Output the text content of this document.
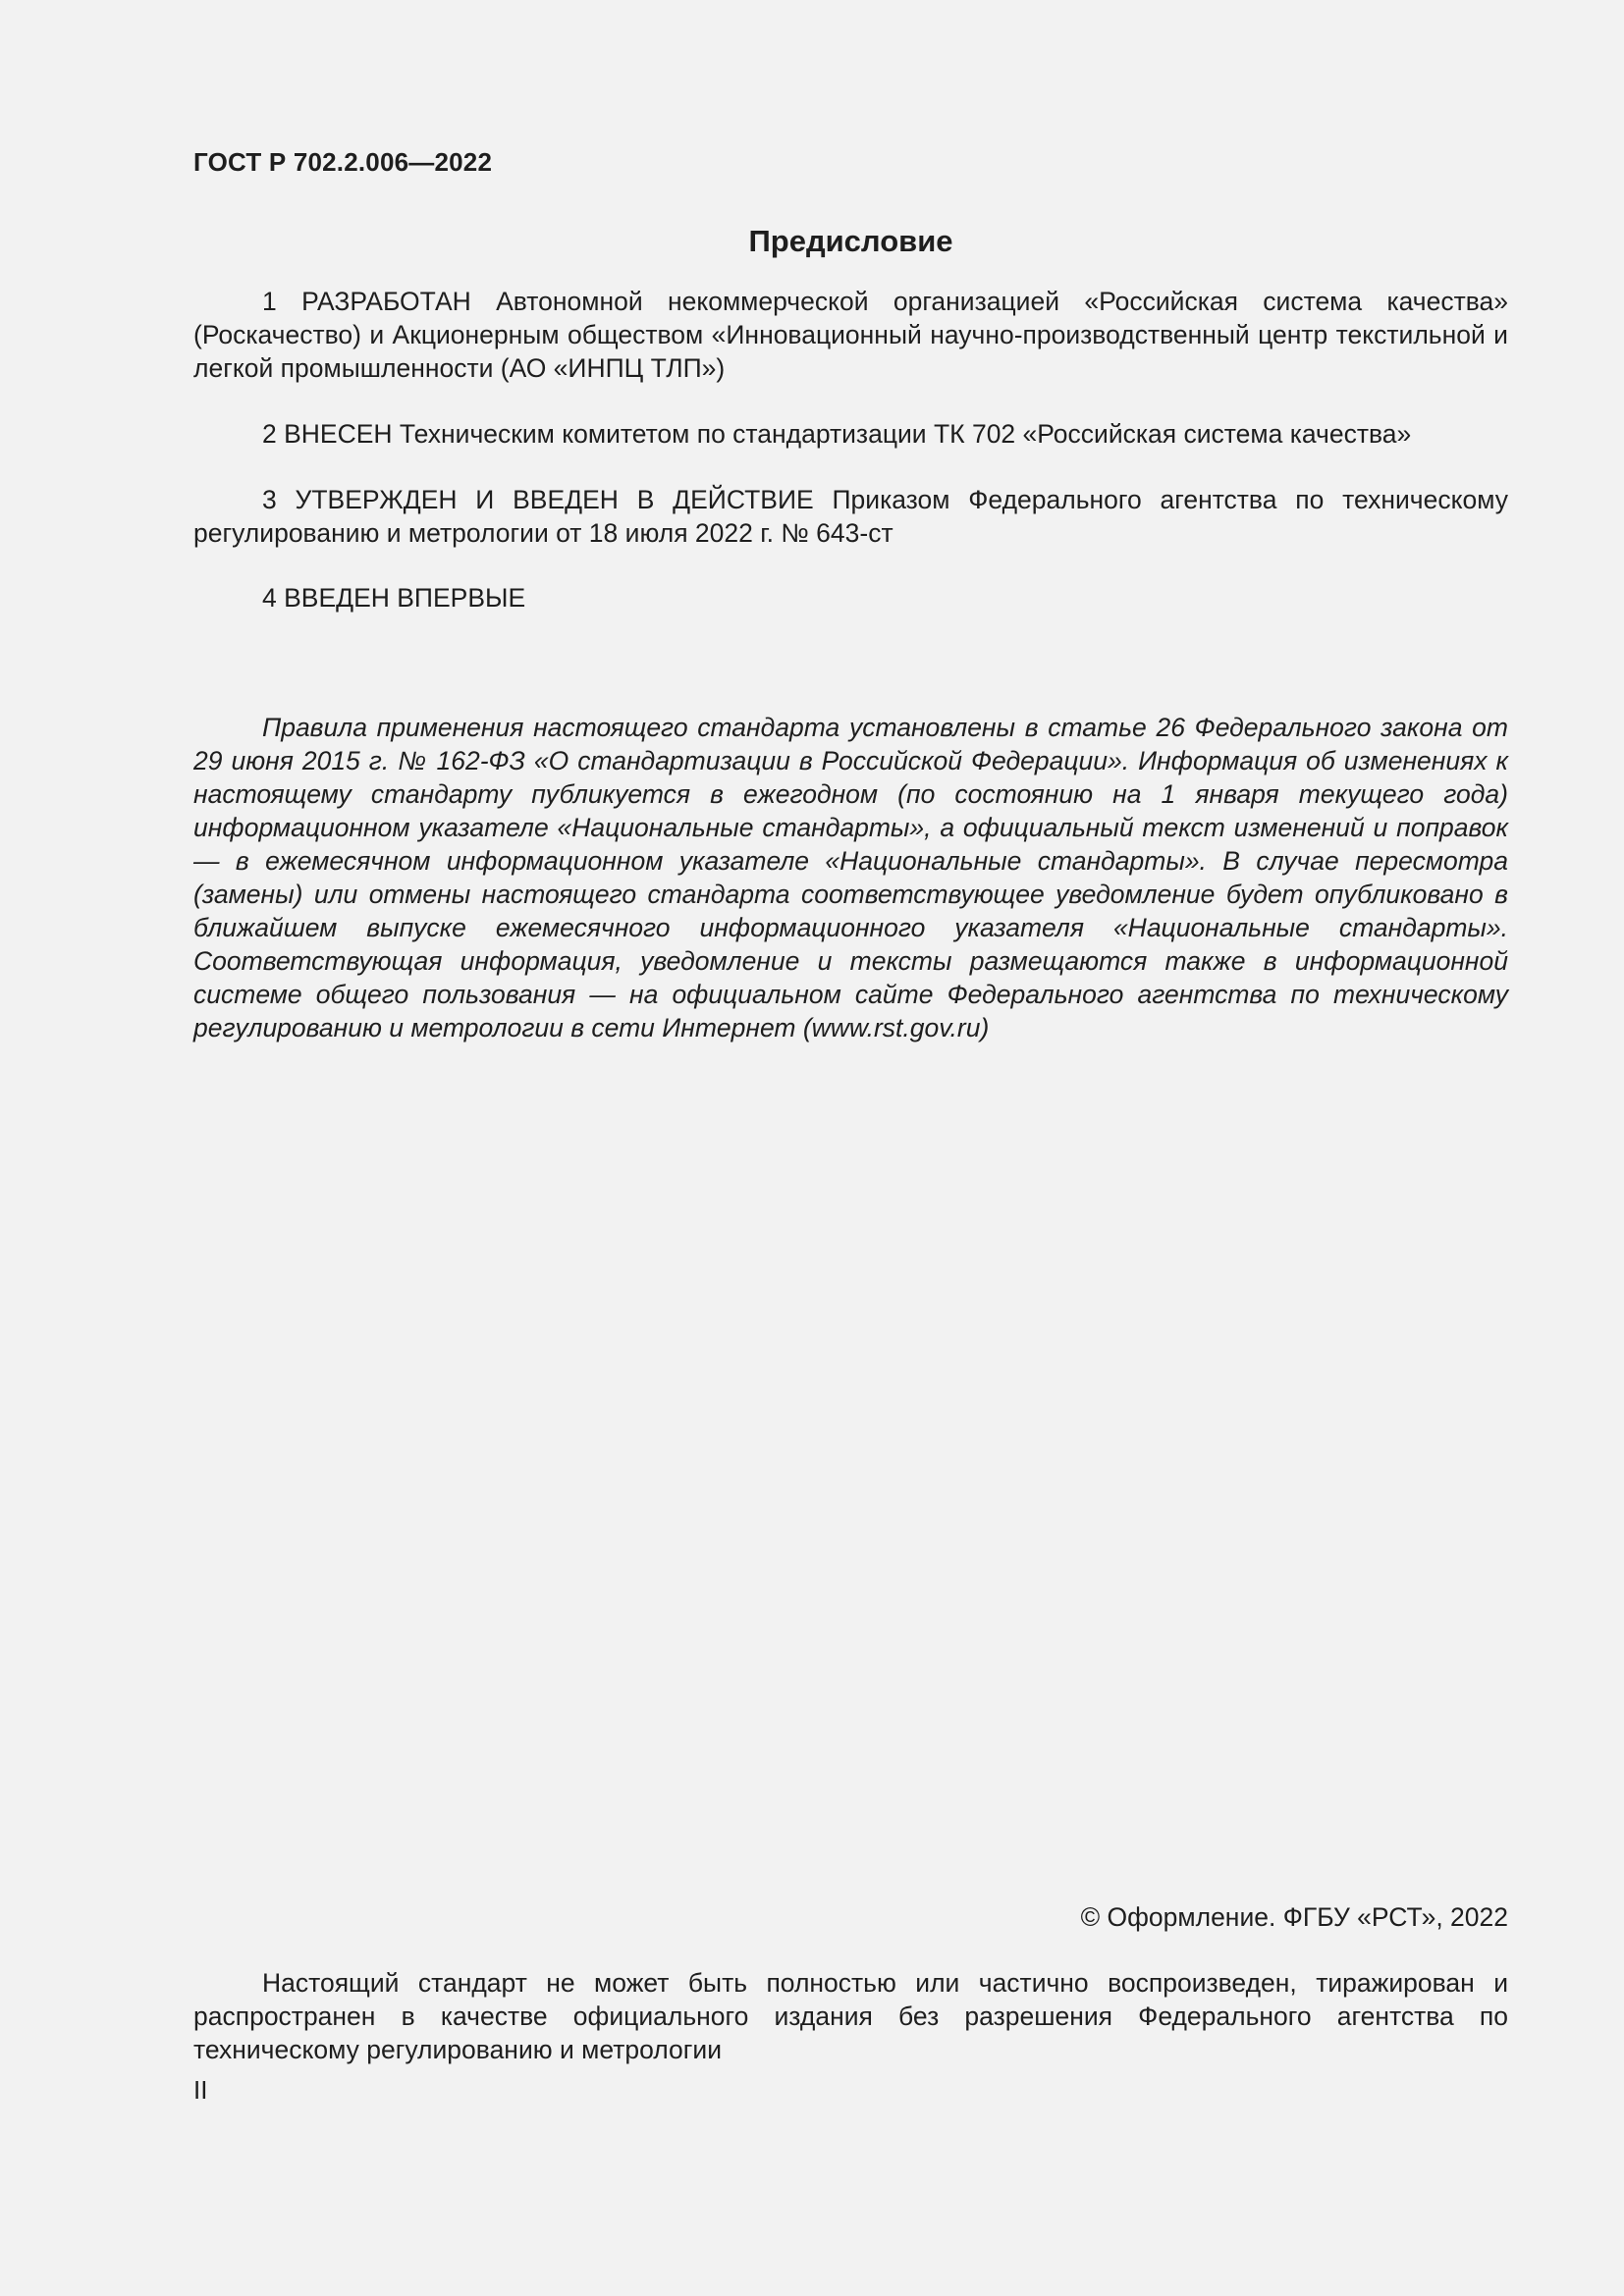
ГОСТ Р 702.2.006—2022
Предисловие

1 РАЗРАБОТАН Автономной некоммерческой организацией «Российская система качества» (Роскачество) и Акционерным обществом «Инновационный научно-производственный центр текстильной и легкой промышленности (АО «ИНПЦ ТЛП»)

2 ВНЕСЕН Техническим комитетом по стандартизации ТК 702 «Российская система качества»

3 УТВЕРЖДЕН И ВВЕДЕН В ДЕЙСТВИЕ Приказом Федерального агентства по техническому регулированию и метрологии от 18 июля 2022 г. № 643-ст

4 ВВЕДЕН ВПЕРВЫЕ

Правила применения настоящего стандарта установлены в статье 26 Федерального закона от 29 июня 2015 г. № 162-ФЗ «О стандартизации в Российской Федерации». Информация об изменениях к настоящему стандарту публикуется в ежегодном (по состоянию на 1 января текущего года) информационном указателе «Национальные стандарты», а официальный текст изменений и поправок — в ежемесячном информационном указателе «Национальные стандарты». В случае пересмотра (замены) или отмены настоящего стандарта соответствующее уведомление будет опубликовано в ближайшем выпуске ежемесячного информационного указателя «Национальные стандарты». Соответствующая информация, уведомление и тексты размещаются также в информационной системе общего пользования — на официальном сайте Федерального агентства по техническому регулированию и метрологии в сети Интернет (www.rst.gov.ru)

© Оформление. ФГБУ «РСТ», 2022

Настоящий стандарт не может быть полностью или частично воспроизведен, тиражирован и распространен в качестве официального издания без разрешения Федерального агентства по техническому регулированию и метрологии

II
